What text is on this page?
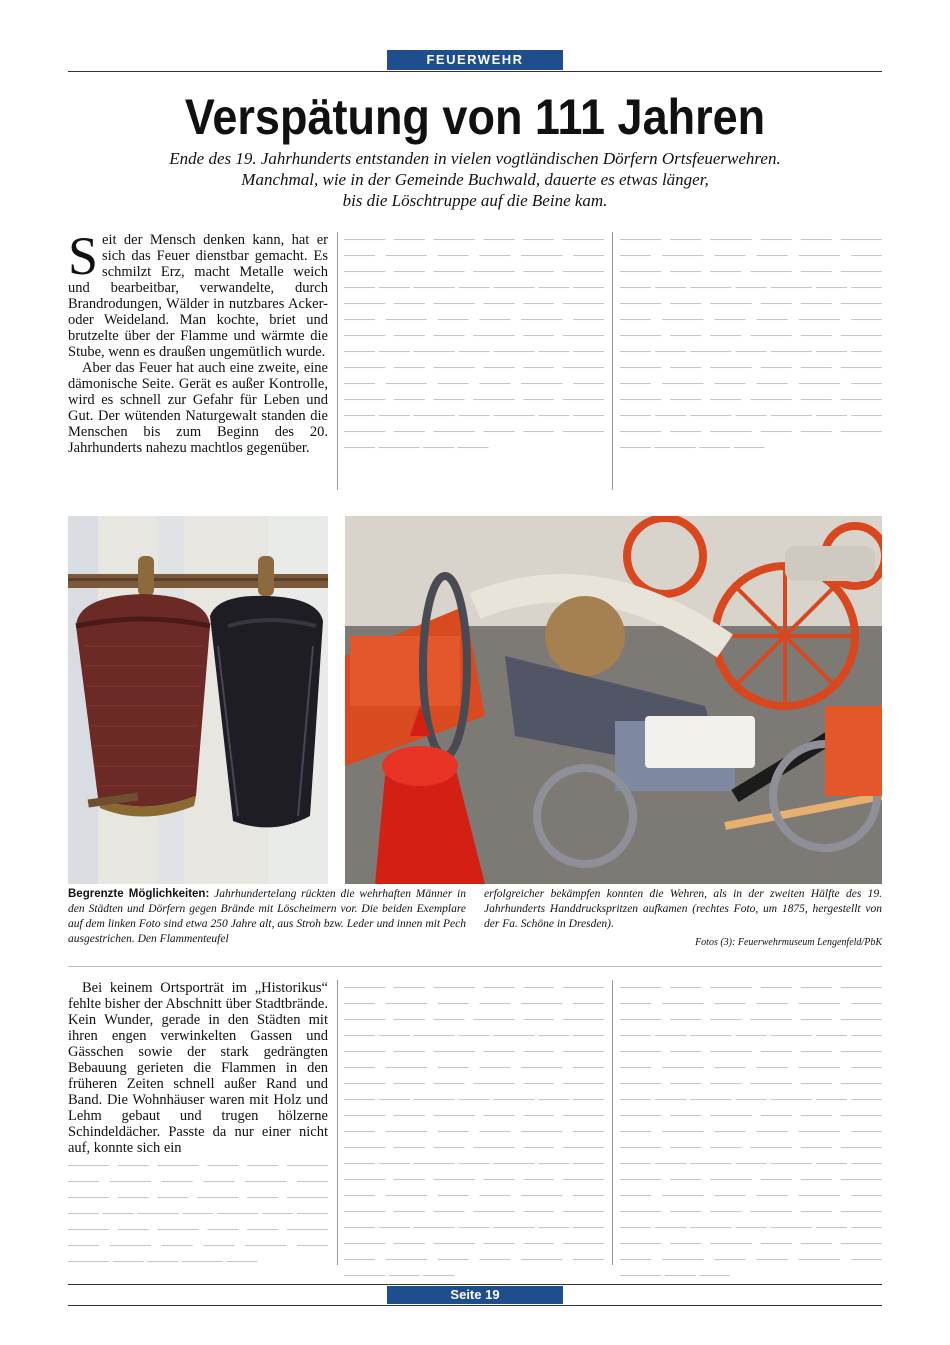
FEUERWEHR
Verspätung von 111 Jahren
Ende des 19. Jahrhunderts entstanden in vielen vogtländischen Dörfern Ortsfeuerwehren.
Manchmal, wie in der Gemeinde Buchwald, dauerte es etwas länger,
bis die Löschtruppe auf die Beine kam.

Seit der Mensch denken kann, hat er sich das Feuer dienstbar gemacht. Es schmilzt Erz, macht Metalle weich und bearbeitbar, verwandelte, durch Brandrodungen, Wälder in nutzbares Acker- oder Weideland. Man kochte, briet und brutzelte über der Flamme und wärmte die Stube, wenn es draußen ungemütlich wurde.

Aber das Feuer hat auch eine zweite, eine dämonische Seite. Gerät es außer Kontrolle, wird es schnell zur Gefahr für Leben und Gut. Der wütenden Naturgewalt standen die Menschen bis zum Beginn des 20. Jahrhunderts nahezu machtlos gegenüber.

──── ─── ──── ─── ─── ──── ─── ──── ─── ─── ──── ─── ──── ─── ─── ──── ─── ──── ─── ─── ──── ─── ──── ─── ─── ──── ─── ──── ─── ─── ──── ─── ──── ─── ─── ──── ─── ──── ─── ─── ──── ─── ──── ─── ─── ──── ─── ──── ─── ─── ──── ─── ──── ─── ─── ──── ─── ──── ─── ─── ──── ─── ──── ─── ─── ──── ─── ──── ─── ─── ──── ─── ──── ─── ─── ──── ─── ──── ─── ─── ──── ─── ──── ─── ───

──── ─── ──── ─── ─── ──── ─── ──── ─── ─── ──── ─── ──── ─── ─── ──── ─── ──── ─── ─── ──── ─── ──── ─── ─── ──── ─── ──── ─── ─── ──── ─── ──── ─── ─── ──── ─── ──── ─── ─── ──── ─── ──── ─── ─── ──── ─── ──── ─── ─── ──── ─── ──── ─── ─── ──── ─── ──── ─── ─── ──── ─── ──── ─── ─── ──── ─── ──── ─── ─── ──── ─── ──── ─── ─── ──── ─── ──── ─── ─── ──── ─── ──── ─── ───

Begrenzte Möglichkeiten: Jahrhundertelang rückten die wehrhaften Männer in den Städten und Dörfern gegen Brände mit Löscheimern vor. Die beiden Exemplare auf dem linken Foto sind etwa 250 Jahre alt, aus Stroh bzw. Leder und innen mit Pech ausgestrichen. Den Flammenteufel
erfolgreicher bekämpfen konnten die Wehren, als in der zweiten Hälfte des 19. Jahrhunderts Handdruckspritzen aufkamen (rechtes Foto, um 1875, hergestellt von der Fa. Schöne in Dresden).
Fotos (3): Feuerwehrmuseum Lengenfeld/PbK

Bei keinem Ortsporträt im „Historikus“ fehlte bisher der Abschnitt über Stadtbrände. Kein Wunder, gerade in den Städten mit ihren engen verwinkelten Gassen und Gässchen sowie der stark gedrängten Bebauung gerieten die Flammen in den früheren Zeiten schnell außer Rand und Band. Die Wohnhäuser waren mit Holz und Lehm gebaut und trugen hölzerne Schindeldächer. Passte da nur einer nicht auf, konnte sich ein

──── ─── ──── ─── ─── ──── ─── ──── ─── ─── ──── ─── ──── ─── ─── ──── ─── ──── ─── ─── ──── ─── ──── ─── ─── ──── ─── ──── ─── ─── ──── ─── ──── ─── ─── ──── ─── ──── ─── ─── ──── ───

──── ─── ──── ─── ─── ──── ─── ──── ─── ─── ──── ─── ──── ─── ─── ──── ─── ──── ─── ─── ──── ─── ──── ─── ─── ──── ─── ──── ─── ─── ──── ─── ──── ─── ─── ──── ─── ──── ─── ─── ──── ─── ──── ─── ─── ──── ─── ──── ─── ─── ──── ─── ──── ─── ─── ──── ─── ──── ─── ─── ──── ─── ──── ─── ─── ──── ─── ──── ─── ─── ──── ─── ──── ─── ─── ──── ─── ──── ─── ─── ──── ─── ──── ─── ─── ──── ─── ──── ─── ─── ──── ─── ──── ─── ─── ──── ─── ──── ─── ─── ──── ─── ──── ─── ─── ──── ─── ──── ─── ─── ──── ─── ──── ─── ───

──── ─── ──── ─── ─── ──── ─── ──── ─── ─── ──── ─── ──── ─── ─── ──── ─── ──── ─── ─── ──── ─── ──── ─── ─── ──── ─── ──── ─── ─── ──── ─── ──── ─── ─── ──── ─── ──── ─── ─── ──── ─── ──── ─── ─── ──── ─── ──── ─── ─── ──── ─── ──── ─── ─── ──── ─── ──── ─── ─── ──── ─── ──── ─── ─── ──── ─── ──── ─── ─── ──── ─── ──── ─── ─── ──── ─── ──── ─── ─── ──── ─── ──── ─── ─── ──── ─── ──── ─── ─── ──── ─── ──── ─── ─── ──── ─── ──── ─── ─── ──── ─── ──── ─── ─── ──── ─── ──── ─── ─── ──── ─── ──── ─── ───

Seite 19
